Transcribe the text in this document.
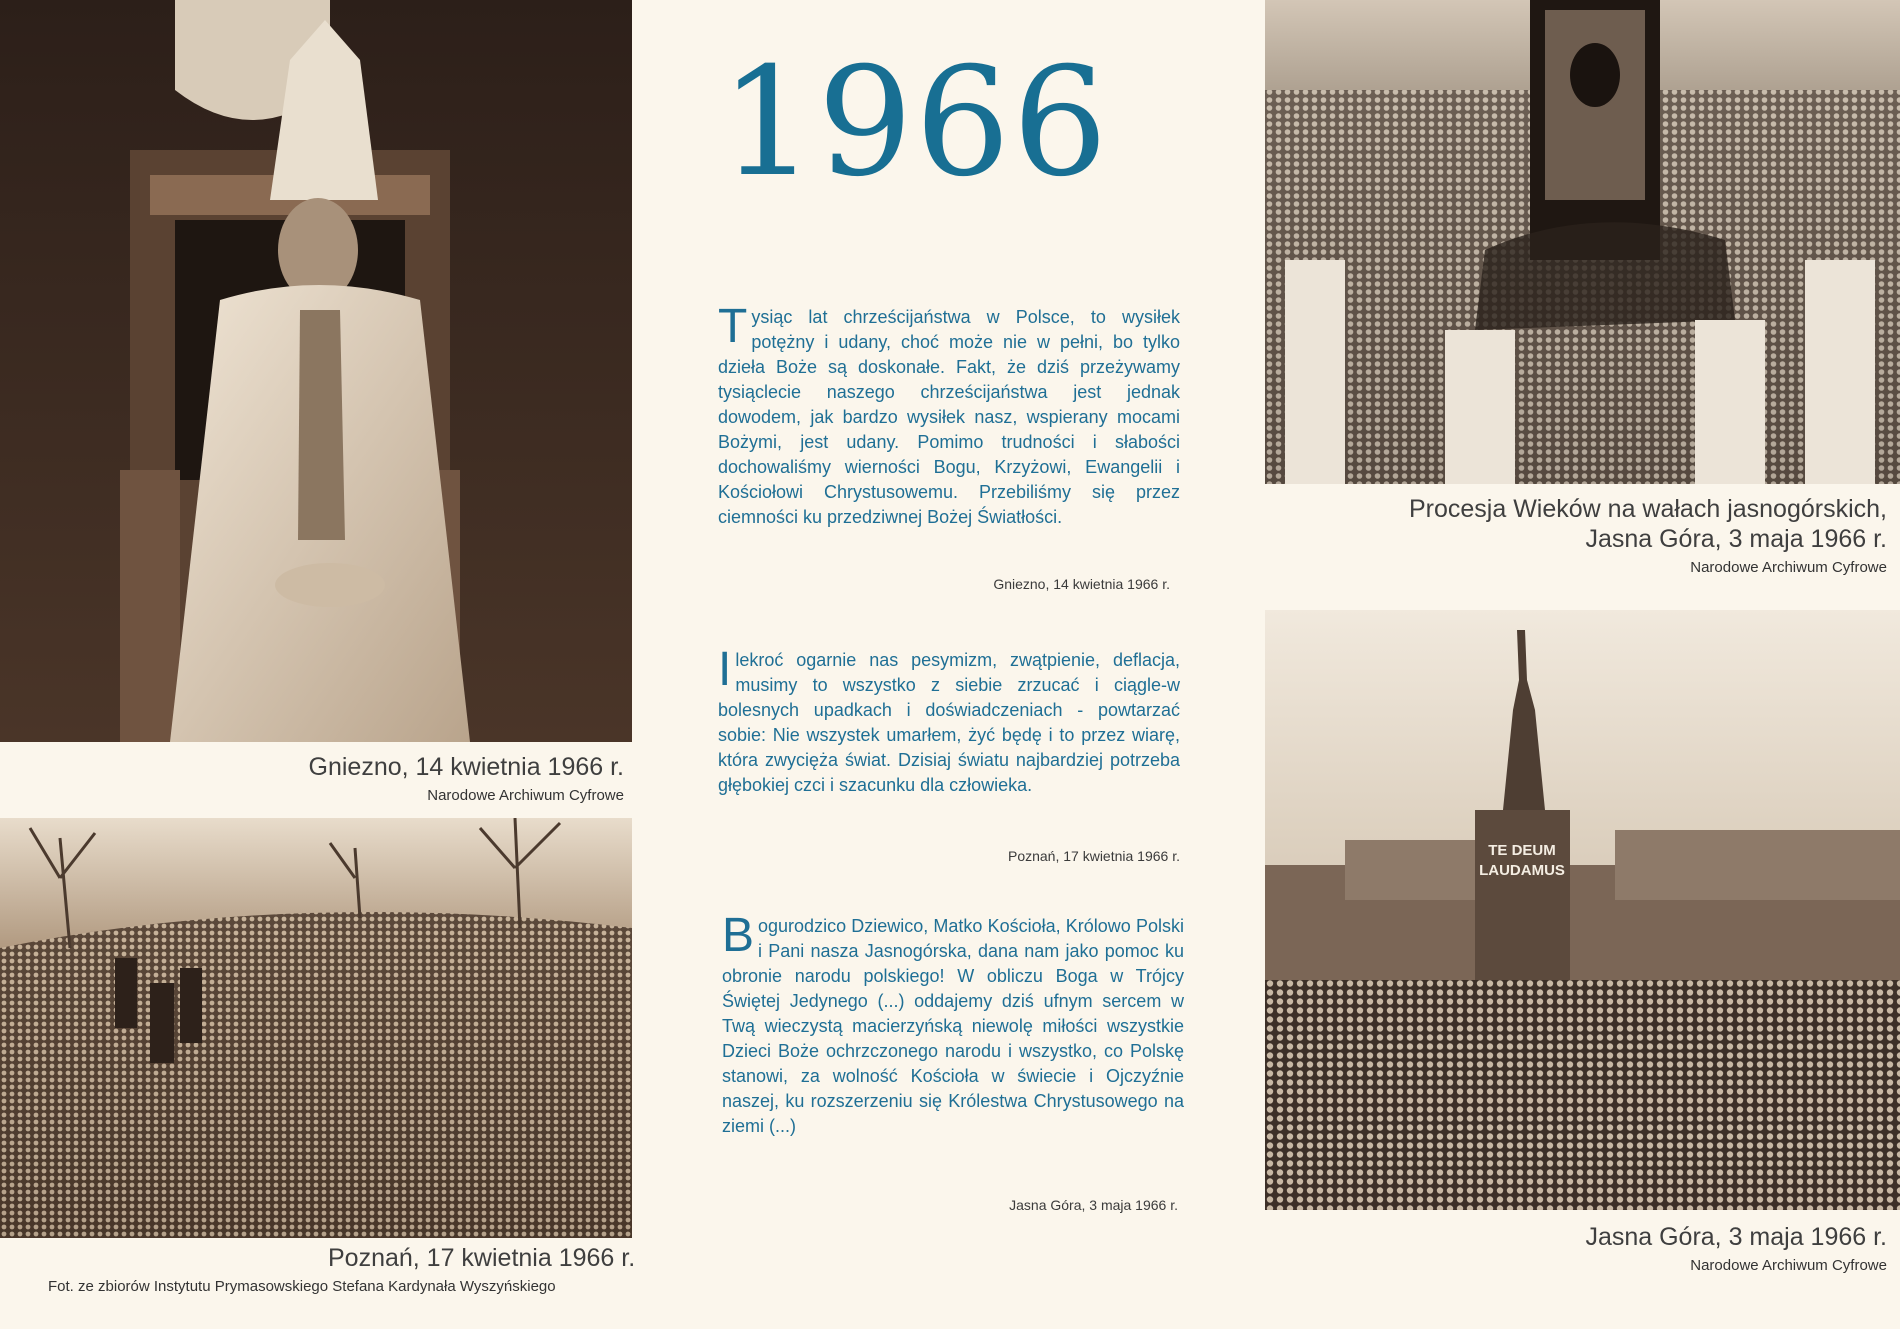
Gniezno, 14 kwietnia 1966 r.
Narodowe Archiwum Cyfrowe
Poznań, 17 kwietnia 1966 r.
Fot. ze zbiorów Instytutu Prymasowskiego Stefana Kardynała Wyszyńskiego
Procesja Wieków na wałach jasnogórskich,
Jasna Góra, 3 maja 1966 r.
Narodowe Archiwum Cyfrowe
TE DEUM
LAUDAMUS
Jasna Góra, 3 maja 1966 r.
Narodowe Archiwum Cyfrowe
1966
Tysiąc lat chrześcijaństwa w Polsce, to wysiłek potężny i udany, choć może nie w pełni, bo tylko dzieła Boże są doskonałe. Fakt, że dziś przeżywamy tysiąclecie naszego chrześcijaństwa jest jednak dowodem, jak bardzo wysiłek nasz, wspierany mocami Bożymi, jest udany. Pomimo trudności i słabości dochowaliśmy wierności Bogu, Krzyżowi, Ewangelii i Kościołowi Chrystusowemu. Przebiliśmy się przez ciemności ku przedziwnej Bożej Światłości.
Gniezno, 14 kwietnia 1966 r.
Ilekroć ogarnie nas pesymizm, zwątpienie, deflacja, musimy to wszystko z siebie zrzucać i ciągle-w bolesnych upadkach i doświadczeniach - powtarzać sobie: Nie wszystek umarłem, żyć będę i to przez wiarę, która zwycięża świat. Dzisiaj światu najbardziej potrzeba głębokiej czci i szacunku dla człowieka.
Poznań, 17 kwietnia 1966 r.
Bogurodzico Dziewico, Matko Kościoła, Królowo Polski i Pani nasza Jasnogórska, dana nam jako pomoc ku obronie narodu polskiego! W obliczu Boga w Trójcy Świętej Jedynego (...) oddajemy dziś ufnym sercem w Twą wieczystą macierzyńską niewolę miłości wszystkie Dzieci Boże ochrzczonego narodu i wszystko, co Polskę stanowi, za wolność Kościoła w świecie i Ojczyźnie naszej, ku rozszerzeniu się Królestwa Chrystusowego na ziemi (...)
Jasna Góra, 3 maja 1966 r.
